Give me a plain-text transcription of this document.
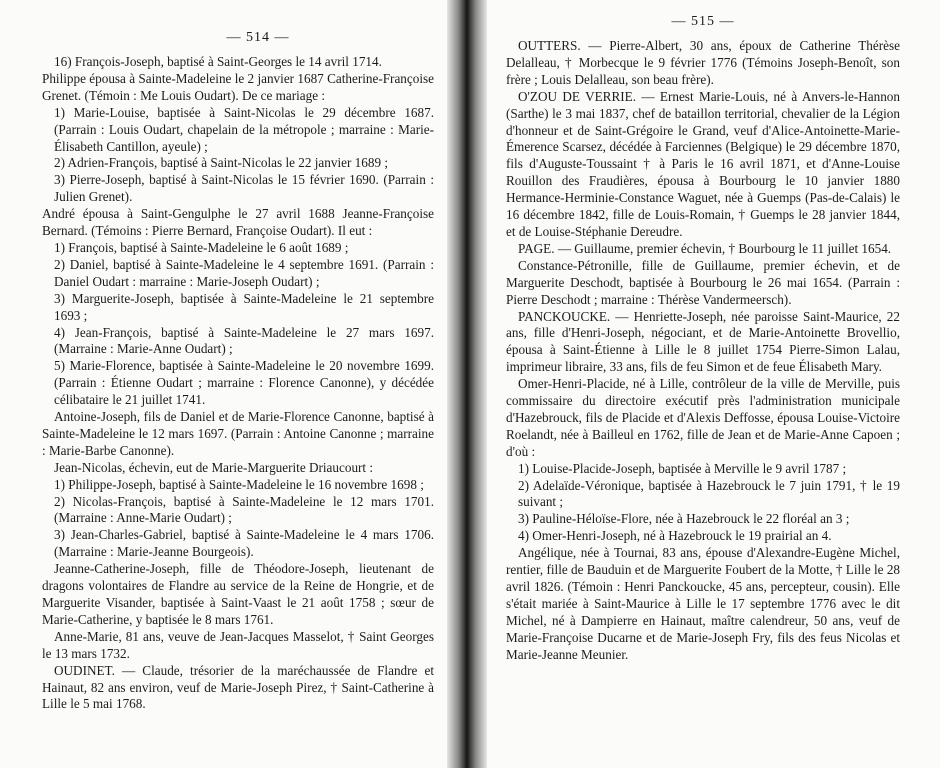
— 514 —

16) François-Joseph, baptisé à Saint-Georges le 14 avril 1714.

Philippe épousa à Sainte-Madeleine le 2 janvier 1687 Catherine-Françoise Grenet. (Témoin : Me Louis Oudart). De ce mariage :

1) Marie-Louise, baptisée à Saint-Nicolas le 29 décembre 1687. (Parrain : Louis Oudart, chapelain de la métropole ; marraine : Marie-Élisabeth Cantillon, ayeule) ;

2) Adrien-François, baptisé à Saint-Nicolas le 22 janvier 1689 ;

3) Pierre-Joseph, baptisé à Saint-Nicolas le 15 février 1690. (Parrain : Julien Grenet).

André épousa à Saint-Gengulphe le 27 avril 1688 Jeanne-Françoise Bernard. (Témoins : Pierre Bernard, Françoise Oudart). Il eut :

1) François, baptisé à Sainte-Madeleine le 6 août 1689 ;

2) Daniel, baptisé à Sainte-Madeleine le 4 septembre 1691. (Parrain : Daniel Oudart : marraine : Marie-Joseph Oudart) ;

3) Marguerite-Joseph, baptisée à Sainte-Madeleine le 21 septembre 1693 ;

4) Jean-François, baptisé à Sainte-Madeleine le 27 mars 1697. (Marraine : Marie-Anne Oudart) ;

5) Marie-Florence, baptisée à Sainte-Madeleine le 20 novembre 1699. (Parrain : Étienne Oudart ; marraine : Florence Canonne), y décédée célibataire le 21 juillet 1741.

Antoine-Joseph, fils de Daniel et de Marie-Florence Canonne, baptisé à Sainte-Madeleine le 12 mars 1697. (Parrain : Antoine Canonne ; marraine : Marie-Barbe Canonne).

Jean-Nicolas, échevin, eut de Marie-Marguerite Driaucourt :

1) Philippe-Joseph, baptisé à Sainte-Madeleine le 16 novembre 1698 ;

2) Nicolas-François, baptisé à Sainte-Madeleine le 12 mars 1701. (Marraine : Anne-Marie Oudart) ;

3) Jean-Charles-Gabriel, baptisé à Sainte-Madeleine le 4 mars 1706. (Marraine : Marie-Jeanne Bourgeois).

Jeanne-Catherine-Joseph, fille de Théodore-Joseph, lieutenant de dragons volontaires de Flandre au service de la Reine de Hongrie, et de Marguerite Visander, baptisée à Saint-Vaast le 21 août 1758 ; sœur de Marie-Catherine, y baptisée le 8 mars 1761.

Anne-Marie, 81 ans, veuve de Jean-Jacques Masselot, † Saint Georges le 13 mars 1732.

OUDINET. — Claude, trésorier de la maréchaussée de Flandre et Hainaut, 82 ans environ, veuf de Marie-Joseph Pirez, † Saint-Catherine à Lille le 5 mai 1768.

— 515 —

OUTTERS. — Pierre-Albert, 30 ans, époux de Catherine Thérèse Delalleau, † Morbecque le 9 février 1776 (Témoins Joseph-Benoît, son frère ; Louis Delalleau, son beau frère).

O'ZOU DE VERRIE. — Ernest Marie-Louis, né à Anvers-le-Hannon (Sarthe) le 3 mai 1837, chef de bataillon territorial, chevalier de la Légion d'honneur et de Saint-Grégoire le Grand, veuf d'Alice-Antoinette-Marie-Émerence Scarsez, décédée à Farciennes (Belgique) le 29 décembre 1870, fils d'Auguste-Toussaint † à Paris le 16 avril 1871, et d'Anne-Louise Rouillon des Fraudières, épousa à Bourbourg le 10 janvier 1880 Hermance-Herminie-Constance Waguet, née à Guemps (Pas-de-Calais) le 16 décembre 1842, fille de Louis-Romain, † Guemps le 28 janvier 1844, et de Louise-Stéphanie Dereudre.

PAGE. — Guillaume, premier échevin, † Bourbourg le 11 juillet 1654.

Constance-Pétronille, fille de Guillaume, premier échevin, et de Marguerite Deschodt, baptisée à Bourbourg le 26 mai 1654. (Parrain : Pierre Deschodt ; marraine : Thérèse Vandermeersch).

PANCKOUCKE. — Henriette-Joseph, née paroisse Saint-Maurice, 22 ans, fille d'Henri-Joseph, négociant, et de Marie-Antoinette Brovellio, épousa à Saint-Étienne à Lille le 8 juillet 1754 Pierre-Simon Lalau, imprimeur libraire, 33 ans, fils de feu Simon et de feue Élisabeth Mary.

Omer-Henri-Placide, né à Lille, contrôleur de la ville de Merville, puis commissaire du directoire exécutif près l'administration municipale d'Hazebrouck, fils de Placide et d'Alexis Deffosse, épousa Louise-Victoire Roelandt, née à Bailleul en 1762, fille de Jean et de Marie-Anne Capoen ; d'où :

1) Louise-Placide-Joseph, baptisée à Merville le 9 avril 1787 ;

2) Adelaïde-Véronique, baptisée à Hazebrouck le 7 juin 1791, † le 19 suivant ;

3) Pauline-Héloïse-Flore, née à Hazebrouck le 22 floréal an 3 ;

4) Omer-Henri-Joseph, né à Hazebrouck le 19 prairial an 4.

Angélique, née à Tournai, 83 ans, épouse d'Alexandre-Eugène Michel, rentier, fille de Bauduin et de Marguerite Foubert de la Motte, † Lille le 28 avril 1826. (Témoin : Henri Panckoucke, 45 ans, percepteur, cousin). Elle s'était mariée à Saint-Maurice à Lille le 17 septembre 1776 avec le dit Michel, né à Dampierre en Hainaut, maître calendreur, 50 ans, veuf de Marie-Françoise Ducarne et de Marie-Joseph Fry, fils des feus Nicolas et Marie-Jeanne Meunier.
